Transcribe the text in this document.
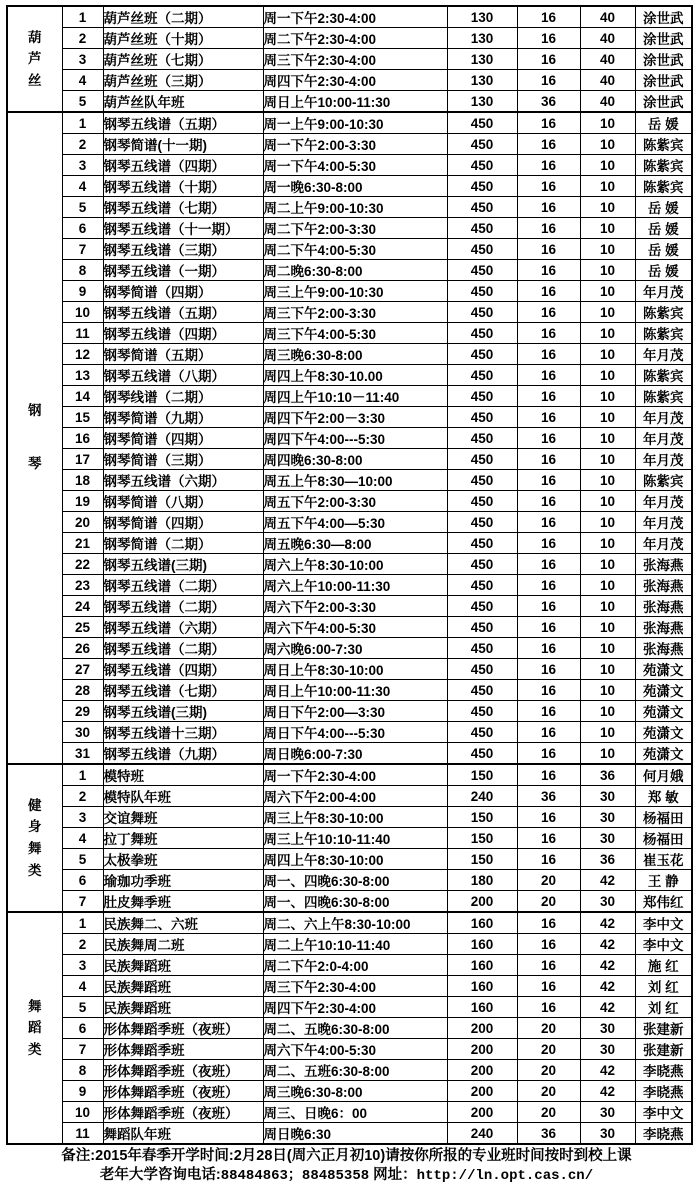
葫
芦
丝	1	葫芦丝班（二期）	周一下午2:30-4:00	130	16	40	涂世武
	2	葫芦丝班（十期）	周二下午2:30-4:00	130	16	40	涂世武
	3	葫芦丝班（七期）	周三下午2:30-4:00	130	16	40	涂世武
	4	葫芦丝班（三期）	周四下午2:30-4:00	130	16	40	涂世武
	5	葫芦丝队年班	周日上午10:00-11:30	130	36	40	涂世武

钢
琴	1	钢琴五线谱（五期）	周一上午9:00-10:30	450	16	10	岳 媛
	2	钢琴简谱(十一期)	周一下午2:00-3:30	450	16	10	陈紫宾
	3	钢琴五线谱（四期）	周一下午4:00-5:30	450	16	10	陈紫宾
	4	钢琴五线谱（十期）	周一晚6:30-8:00	450	16	10	陈紫宾
	5	钢琴五线谱（七期）	周二上午9:00-10:30	450	16	10	岳 媛
	6	钢琴五线谱（十一期）	周二下午2:00-3:30	450	16	10	岳 媛
	7	钢琴五线谱（三期）	周二下午4:00-5:30	450	16	10	岳 媛
	8	钢琴五线谱（一期）	周二晚6:30-8:00	450	16	10	岳 媛
	9	钢琴简谱（四期）	周三上午9:00-10:30	450	16	10	年月茂
	10	钢琴五线谱（五期）	周三下午2:00-3:30	450	16	10	陈紫宾
	11	钢琴五线谱（四期）	周三下午4:00-5:30	450	16	10	陈紫宾
	12	钢琴简谱（五期）	周三晚6:30-8:00	450	16	10	年月茂
	13	钢琴五线谱（八期）	周四上午8:30-10.00	450	16	10	陈紫宾
	14	钢琴线谱（二期）	周四上午10:10－11:40	450	16	10	陈紫宾
	15	钢琴简谱（九期）	周四下午2:00－3:30	450	16	10	年月茂
	16	钢琴简谱（四期）	周四下午4:00---5:30	450	16	10	年月茂
	17	钢琴简谱（三期）	周四晚6:30-8:00	450	16	10	年月茂
	18	钢琴五线谱（六期）	周五上午8:30—10:00	450	16	10	陈紫宾
	19	钢琴简谱（八期）	周五下午2:00-3:30	450	16	10	年月茂
	20	钢琴简谱（四期）	周五下午4:00—5:30	450	16	10	年月茂
	21	钢琴简谱（二期）	周五晚6:30—8:00	450	16	10	年月茂
	22	钢琴五线谱(三期)	周六上午8:30-10:00	450	16	10	张海燕
	23	钢琴五线谱（二期）	周六上午10:00-11:30	450	16	10	张海燕
	24	钢琴五线谱（二期）	周六下午2:00-3:30	450	16	10	张海燕
	25	钢琴五线谱（六期）	周六下午4:00-5:30	450	16	10	张海燕
	26	钢琴五线谱（二期）	周六晚6:00-7:30	450	16	10	张海燕
	27	钢琴五线谱（四期）	周日上午8:30-10:00	450	16	10	苑潇文
	28	钢琴五线谱（七期）	周日上午10:00-11:30	450	16	10	苑潇文
	29	钢琴五线谱(三期)	周日下午2:00—3:30	450	16	10	苑潇文
	30	钢琴五线谱十三期）	周日下午4:00---5:30	450	16	10	苑潇文
	31	钢琴五线谱（九期）	周日晚6:00-7:30	450	16	10	苑潇文

健
身
舞
类	1	模特班	周一下午2:30-4:00	150	16	36	何月娥
	2	模特队年班	周六下午2:00-4:00	240	36	30	郑 敏
	3	交谊舞班	周三上午8:30-10:00	150	16	30	杨福田
	4	拉丁舞班	周三上午10:10-11:40	150	16	30	杨福田
	5	太极拳班	周四上午8:30-10:00	150	16	36	崔玉花
	6	瑜珈功季班	周一、四晚6:30-8:00	180	20	42	王 静
	7	肚皮舞季班	周一、四晚6:30-8:00	200	20	30	郑伟红

舞
蹈
类	1	民族舞二、六班	周二、六上午8:30-10:00	160	16	42	李中文
	2	民族舞周二班	周二上午10:10-11:40	160	16	42	李中文
	3	民族舞蹈班	周二下午2:0-4:00	160	16	42	施 红
	4	民族舞蹈班	周三下午2:30-4:00	160	16	42	刘 红
	5	民族舞蹈班	周四下午2:30-4:00	160	16	42	刘 红
	6	形体舞蹈季班（夜班）	周二、五晚6:30-8:00	200	20	30	张建新
	7	形体舞蹈季班	周六下午4:00-5:30	200	20	30	张建新
	8	形体舞蹈季班（夜班）	周二、五班6:30-8:00	200	20	42	李晓燕
	9	形体舞蹈季班（夜班）	周三晚6:30-8:00	200	20	42	李晓燕
	10	形体舞蹈季班（夜班）	周三、日晚6：00	200	20	30	李中文
	11	舞蹈队年班	周日晚6:30	240	36	30	李晓燕
备注:2015年春季开学时间:2月28日(周六正月初10)请按你所报的专业班时间按时到校上课
老年大学咨询电话:88484863；88485358 网址：http://ln.opt.cas.cn/
